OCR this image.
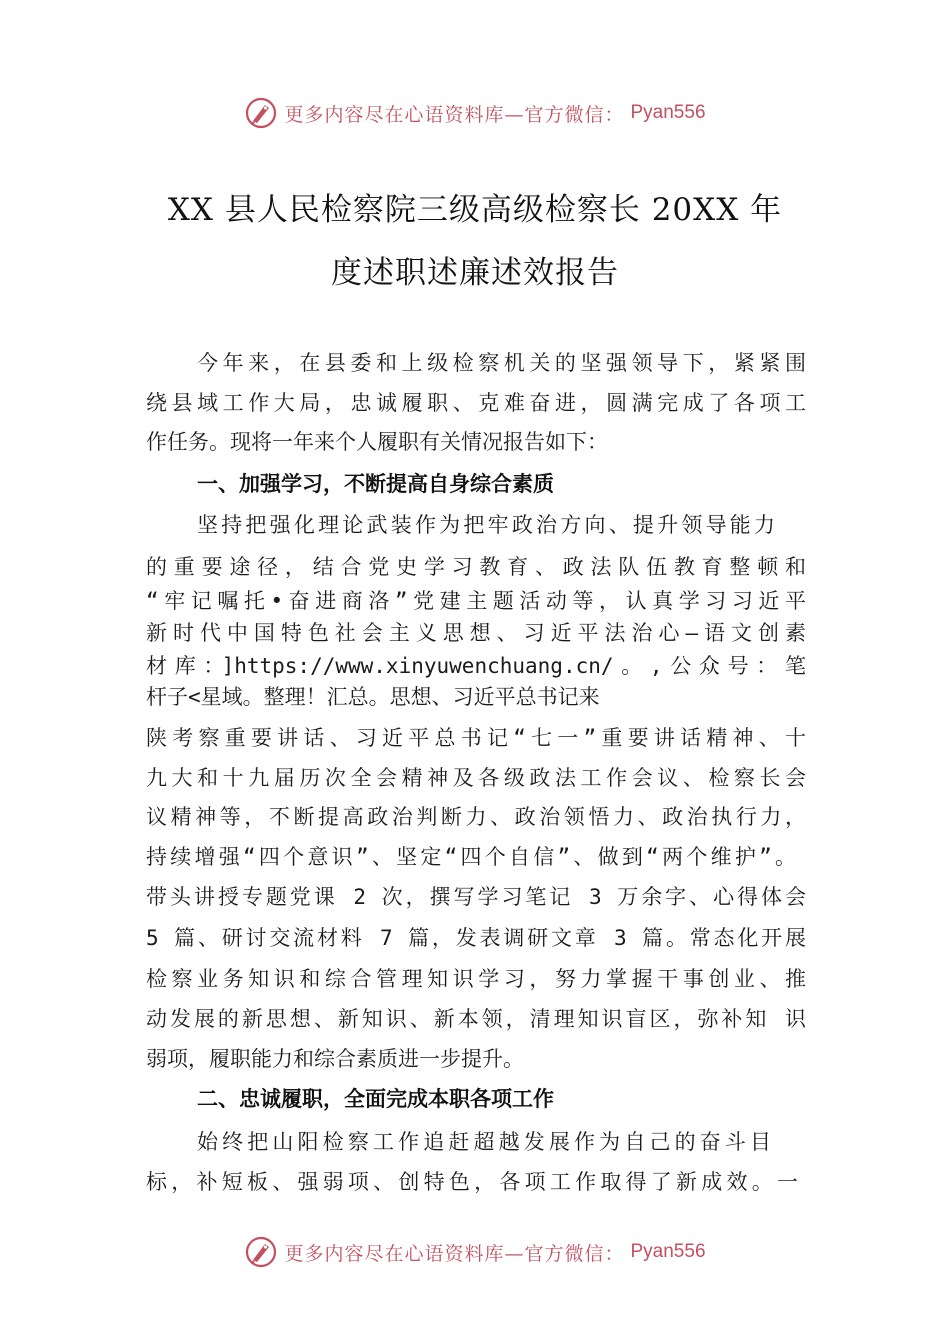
更多内容尽在心语资料库—官方微信： Pyan556
XX 县人民检察院三级高级检察长 20XX 年
度述职述廉述效报告
今年来，在县委和上级检察机关的坚强领导下，紧紧围
绕县域工作大局，忠诚履职、克难奋进，圆满完成了各项工
作任务。现将一年来个人履职有关情况报告如下：
一、加强学习，不断提高自身综合素质
坚持把强化理论武装作为把牢政治方向、提升领导能力
的重要途径，结合党史学习教育、政法队伍教育整顿和
“牢记嘱托•奋进商洛”党建主题活动等，认真学习习近平
新时代中国特色社会主义思想、习近平法治心—语文创素
材库：]https://www.xinyuwenchuang.cn/。,公众号：笔
杆子<星域。整理！汇总。思想、习近平总书记来
陕考察重要讲话、习近平总书记“七一”重要讲话精神、十
九大和十九届历次全会精神及各级政法工作会议、检察长会
议精神等，不断提高政治判断力、政治领悟力、政治执行力，
持续增强“四个意识”、坚定“四个自信”、做到“两个维护”。
带头讲授专题党课 2 次，撰写学习笔记 3 万余字、心得体会
5 篇、研讨交流材料 7 篇，发表调研文章 3 篇。常态化开展
检察业务知识和综合管理知识学习，努力掌握干事创业、推
动发展的新思想、新知识、新本领，清理知识盲区，弥补知 识
弱项，履职能力和综合素质进一步提升。
二、忠诚履职，全面完成本职各项工作
始终把山阳检察工作追赶超越发展作为自己的奋斗目
标，补短板、强弱项、创特色，各项工作取得了新成效。一
更多内容尽在心语资料库—官方微信： Pyan556
